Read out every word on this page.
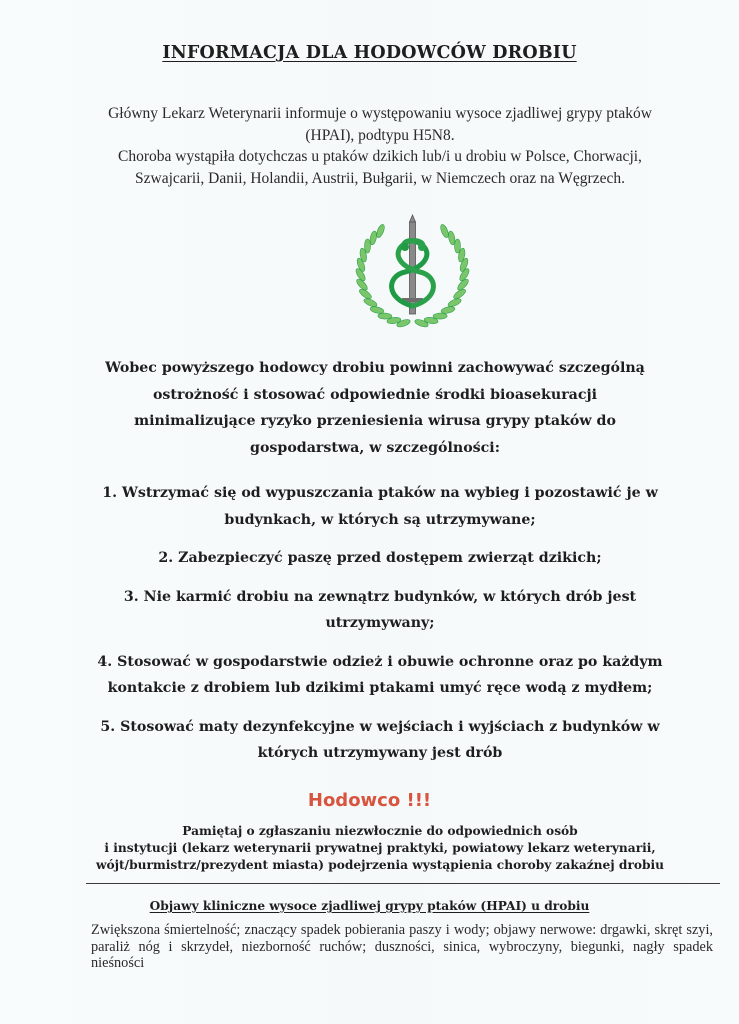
INFORMACJA DLA HODOWCÓW DROBIU

Główny Lekarz Weterynarii informuje o występowaniu wysoce zjadliwej grypy ptaków (HPAI), podtypu H5N8.

Choroba wystąpiła dotychczas u ptaków dzikich lub/i u drobiu w Polsce, Chorwacji, Szwajcarii, Danii, Holandii, Austrii, Bułgarii, w Niemczech oraz na Węgrzech.

Wobec powyższego hodowcy drobiu powinni zachowywać szczególną ostrożność i stosować odpowiednie środki bioasekuracji minimalizujące ryzyko przeniesienia wirusa grypy ptaków do gospodarstwa, w szczególności:

1. Wstrzymać się od wypuszczania ptaków na wybieg i pozostawić je w budynkach, w których są utrzymywane;

2. Zabezpieczyć paszę przed dostępem zwierząt dzikich;

3. Nie karmić drobiu na zewnątrz budynków, w których drób jest utrzymywany;

4. Stosować w gospodarstwie odzież i obuwie ochronne oraz po każdym kontakcie z drobiem lub dzikimi ptakami umyć ręce wodą z mydłem;

5. Stosować maty dezynfekcyjne w wejściach i wyjściach z budynków w których utrzymywany jest drób

Hodowco !!!

Pamiętaj o zgłaszaniu niezwłocznie do odpowiednich osób

i instytucji (lekarz weterynarii prywatnej praktyki, powiatowy lekarz weterynarii,

wójt/burmistrz/prezydent miasta) podejrzenia wystąpienia choroby zakaźnej drobiu

Objawy kliniczne wysoce zjadliwej grypy ptaków (HPAI) u drobiu
Zwiększona śmiertelność; znaczący spadek pobierania paszy i wody; objawy nerwowe: drgawki, skręt szyi, paraliż nóg i skrzydeł, niezborność ruchów; duszności, sinica, wybroczyny, biegunki, nagły spadek nieśności
